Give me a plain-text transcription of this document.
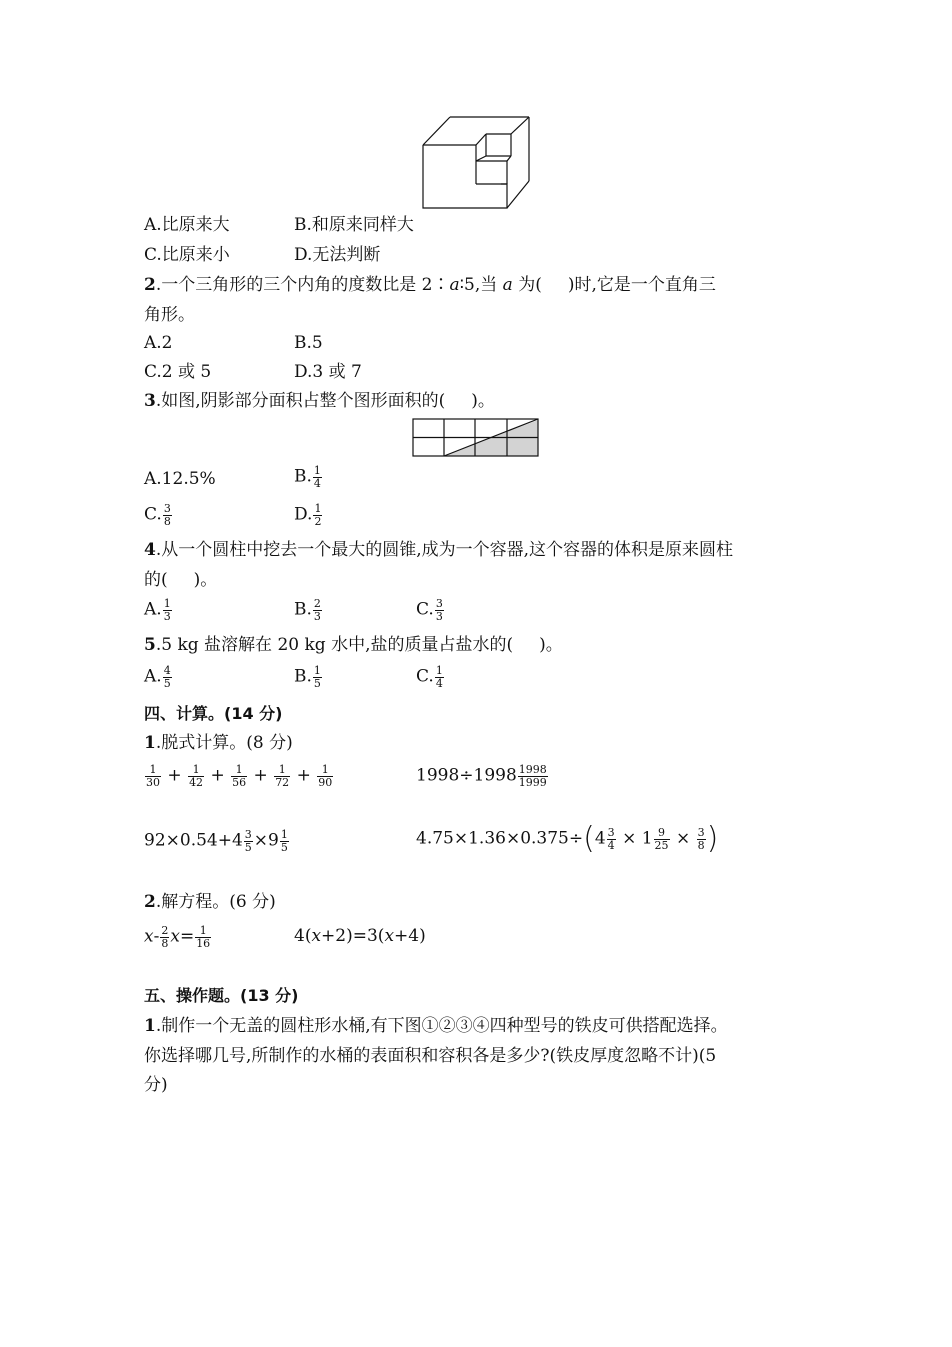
A.比原来大	B.和原来同样大
C.比原来小	D.无法判断
2.一个三角形的三个内角的度数比是 2∶a∶5,当 a 为( )时,它是一个直角三
角形。
A.2	B.5
C.2 或 5	D.3 或 7
3.如图,阴影部分面积占整个图形面积的( )。
A.12.5%	B. $\frac{1}{4}$
C. $\frac{3}{8}$	D. $\frac{1}{2}$
4.从一个圆柱中挖去一个最大的圆锥,成为一个容器,这个容器的体积是原来圆柱
的( )。
A. $\frac{1}{3}$	B. $\frac{2}{3}$	C. $\frac{3}{3}$
5.5 kg 盐溶解在 20 kg 水中,盐的质量占盐水的( )。
A. $\frac{4}{5}$	B. $\frac{1}{5}$	C. $\frac{1}{4}$
四、计算。(14 分)
1.脱式计算。(8 分)
$\frac{1}{30} + \frac{1}{42} + \frac{1}{56} + \frac{1}{72} + \frac{1}{90}$	$1998\div 1998 \frac{1998}{1999}$
$92\times 0.54+4 \frac{3}{5} \times 9 \frac{1}{5}$	$4.75\times 1.36\times 0.375\div(4 \frac{3}{4} \times 1 \frac{9}{25} \times \frac{3}{8}$ )
2.解方程。(6 分)
$x- \frac{2}{8} x= \frac{1}{16}$	4(x+2)=3(x+4)
五、操作题。(13 分)
1.制作一个无盖的圆柱形水桶,有下图①②③④四种型号的铁皮可供搭配选择。
你选择哪几号,所制作的水桶的表面积和容积各是多少?(铁皮厚度忽略不计)(5
分)
